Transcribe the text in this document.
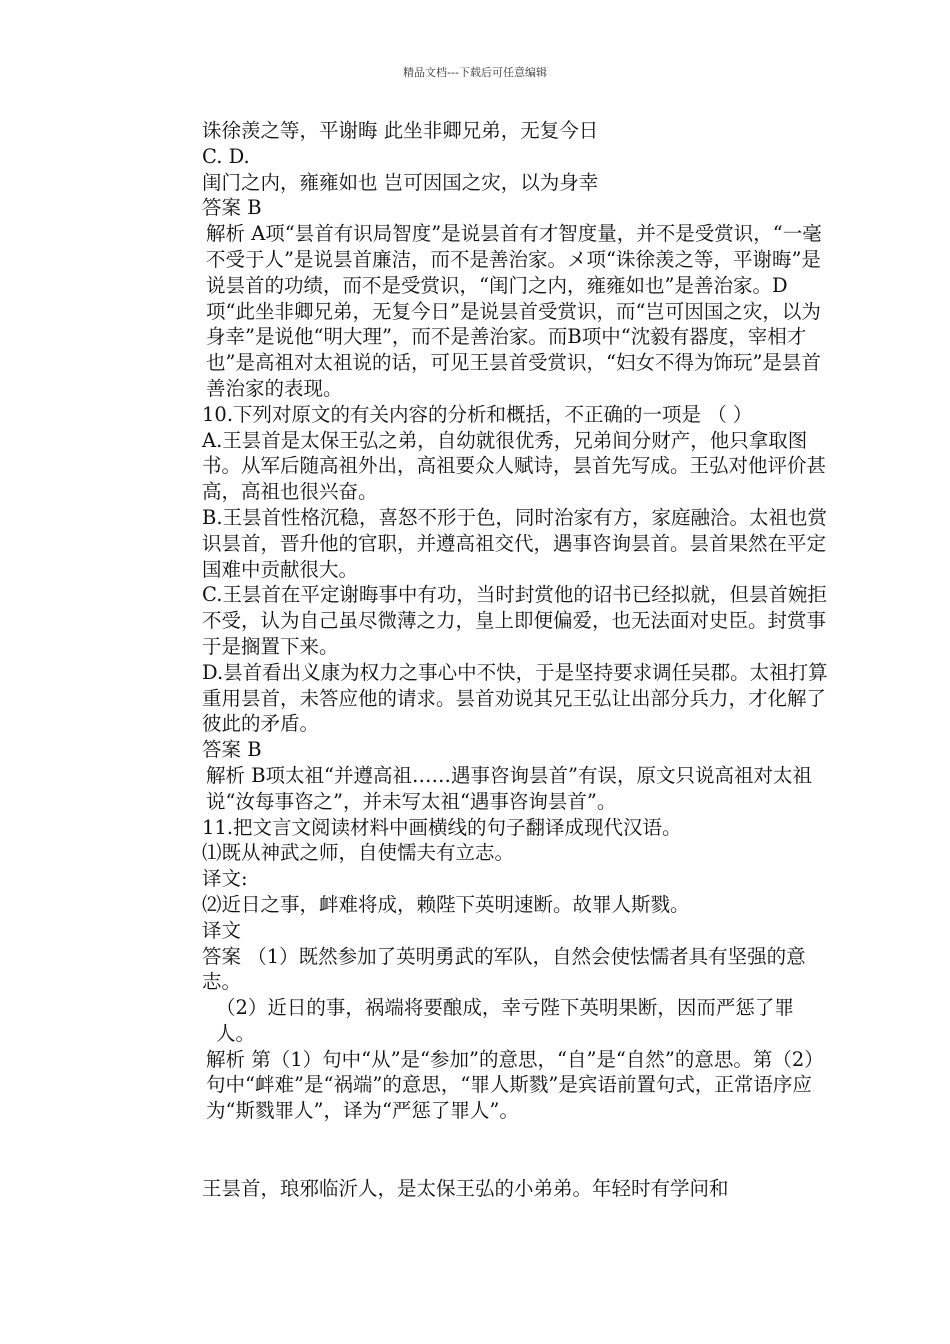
精品文档---下载后可任意编辑

诛徐羡之等，平谢晦 此坐非卿兄弟，无复今日

C. D.

闺门之内，雍雍如也 岂可因国之灾，以为身幸

答案 B

解析 A项“昙首有识局智度”是说昙首有才智度量，并不是受赏识，“一毫不受于人”是说昙首廉洁，而不是善治家。メ项“诛徐羡之等，平谢晦”是说昙首的功绩，而不是受赏识，“闺门之内，雍雍如也”是善治家。D项“此坐非卿兄弟，无复今日”是说昙首受赏识，而“岂可因国之灾，以为身幸”是说他“明大理”，而不是善治家。而B项中“沈毅有器度，宰相才也”是高祖对太祖说的话，可见王昙首受赏识，“妇女不得为饰玩”是昙首善治家的表现。

10.下列对原文的有关内容的分析和概括，不正确的一项是 （ ）

A.王昙首是太保王弘之弟，自幼就很优秀，兄弟间分财产，他只拿取图书。从军后随高祖外出，高祖要众人赋诗，昙首先写成。王弘对他评价甚高，高祖也很兴奋。

B.王昙首性格沉稳，喜怒不形于色，同时治家有方，家庭融洽。太祖也赏识昙首，晋升他的官职，并遵高祖交代，遇事咨询昙首。昙首果然在平定国难中贡献很大。

C.王昙首在平定谢晦事中有功，当时封赏他的诏书已经拟就，但昙首婉拒不受，认为自己虽尽微薄之力，皇上即便偏爱，也无法面对史臣。封赏事于是搁置下来。

D.昙首看出义康为权力之事心中不快，于是坚持要求调任吴郡。太祖打算重用昙首，未答应他的请求。昙首劝说其兄王弘让出部分兵力，才化解了彼此的矛盾。

答案 B

解析 B项太祖“并遵高祖……遇事咨询昙首”有误，原文只说高祖对太祖说“汝每事咨之”，并未写太祖“遇事咨询昙首”。

11.把文言文阅读材料中画横线的句子翻译成现代汉语。

⑴既从神武之师，自使懦夫有立志。

译文:

⑵近日之事，衅难将成，赖陛下英明速断。故罪人斯戮。

译文

答案 （1）既然参加了英明勇武的军队，自然会使怯懦者具有坚强的意志。

（2）近日的事，祸端将要酿成，幸亏陛下英明果断，因而严惩了罪人。

解析 第（1）句中“从”是“参加”的意思，“自”是“自然”的意思。第（2）句中“衅难”是“祸端”的意思，“罪人斯戮”是宾语前置句式，正常语序应为“斯戮罪人”，译为“严惩了罪人”。

王昙首，琅邪临沂人，是太保王弘的小弟弟。年轻时有学问和
